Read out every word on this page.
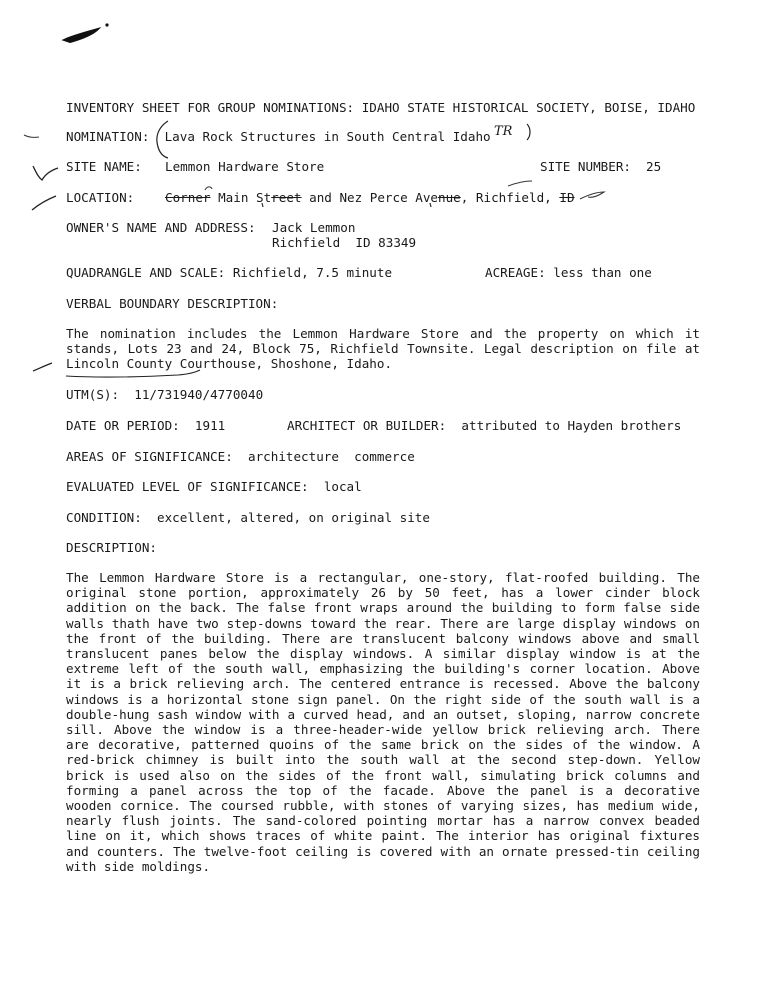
INVENTORY SHEET FOR GROUP NOMINATIONS: IDAHO STATE HISTORICAL SOCIETY, BOISE, IDAHO
NOMINATION: Lava Rock Structures in South Central Idaho TR
SITE NAME: Lemmon Hardware Store	SITE NUMBER: 25
LOCATION: Corner Main Street and Nez Perce Avenue, Richfield, ID
OWNER'S NAME AND ADDRESS: Jack Lemmon
Richfield  ID 83349
QUADRANGLE AND SCALE: Richfield, 7.5 minute	ACREAGE: less than one
VERBAL BOUNDARY DESCRIPTION:
The nomination includes the Lemmon Hardware Store and the property on which it stands, Lots 23 and 24, Block 75, Richfield Townsite. Legal description on file at Lincoln County Courthouse, Shoshone, Idaho.
UTM(S): 11/731940/4770040
DATE OR PERIOD: 1911	ARCHITECT OR BUILDER: attributed to Hayden brothers
AREAS OF SIGNIFICANCE: architecture  commerce
EVALUATED LEVEL OF SIGNIFICANCE: local
CONDITION: excellent, altered, on original site
DESCRIPTION:
The Lemmon Hardware Store is a rectangular, one-story, flat-roofed building. The original stone portion, approximately 26 by 50 feet, has a lower cinder block addition on the back. The false front wraps around the building to form false side walls thath have two step-downs toward the rear. There are large display windows on the front of the building. There are translucent balcony windows above and small translucent panes below the display windows. A similar display window is at the extreme left of the south wall, emphasizing the building's corner location. Above it is a brick relieving arch. The centered entrance is recessed. Above the balcony windows is a horizontal stone sign panel. On the right side of the south wall is a double-hung sash window with a curved head, and an outset, sloping, narrow concrete sill. Above the window is a three-header-wide yellow brick relieving arch. There are decorative, patterned quoins of the same brick on the sides of the window. A red-brick chimney is built into the south wall at the second step-down. Yellow brick is used also on the sides of the front wall, simulating brick columns and forming a panel across the top of the facade. Above the panel is a decorative wooden cornice. The coursed rubble, with stones of varying sizes, has medium wide, nearly flush joints. The sand-colored pointing mortar has a narrow convex beaded line on it, which shows traces of white paint. The interior has original fixtures and counters. The twelve-foot ceiling is covered with an ornate pressed-tin ceiling with side moldings.
